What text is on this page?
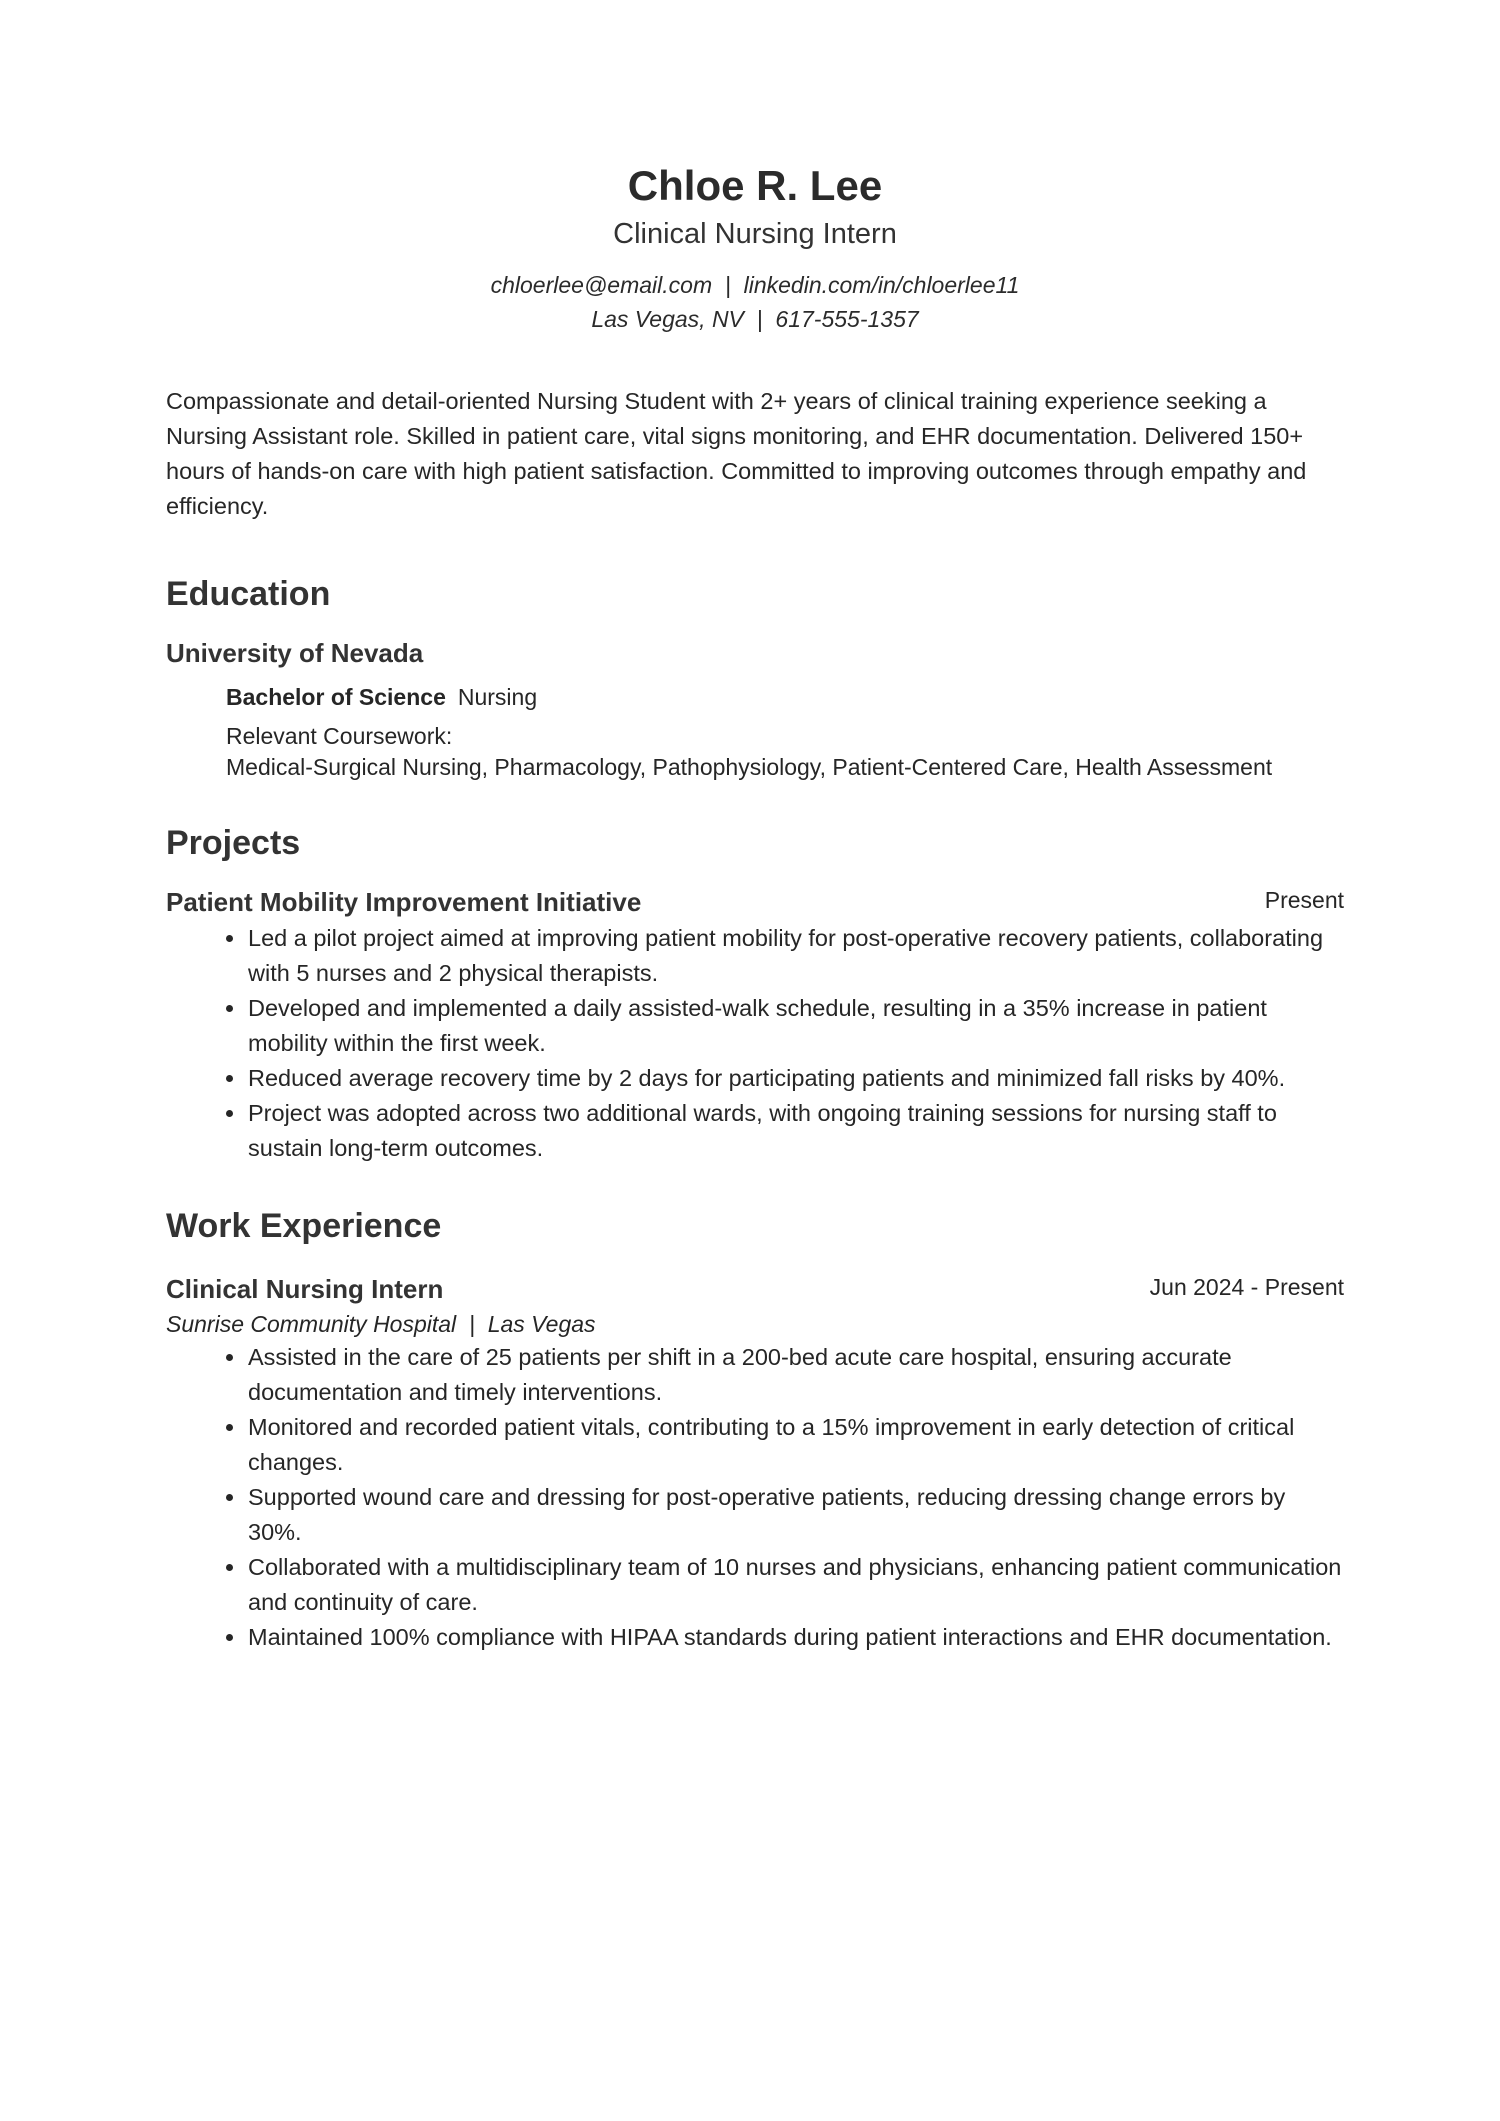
Chloe R. Lee
Clinical Nursing Intern
chloerlee@email.com  |  linkedin.com/in/chloerlee11
Las Vegas, NV  |  617-555-1357
Compassionate and detail-oriented Nursing Student with 2+ years of clinical training experience seeking a Nursing Assistant role. Skilled in patient care, vital signs monitoring, and EHR documentation. Delivered 150+ hours of hands-on care with high patient satisfaction. Committed to improving outcomes through empathy and efficiency.
Education
University of Nevada
Bachelor of Science Nursing
Relevant Coursework:
Medical-Surgical Nursing, Pharmacology, Pathophysiology, Patient-Centered Care, Health Assessment
Projects
Patient Mobility Improvement Initiative	Present
Led a pilot project aimed at improving patient mobility for post-operative recovery patients, collaborating with 5 nurses and 2 physical therapists.
Developed and implemented a daily assisted-walk schedule, resulting in a 35% increase in patient mobility within the first week.
Reduced average recovery time by 2 days for participating patients and minimized fall risks by 40%.
Project was adopted across two additional wards, with ongoing training sessions for nursing staff to sustain long-term outcomes.
Work Experience
Clinical Nursing Intern	Jun 2024 - Present
Sunrise Community Hospital  |  Las Vegas
Assisted in the care of 25 patients per shift in a 200-bed acute care hospital, ensuring accurate documentation and timely interventions.
Monitored and recorded patient vitals, contributing to a 15% improvement in early detection of critical changes.
Supported wound care and dressing for post-operative patients, reducing dressing change errors by 30%.
Collaborated with a multidisciplinary team of 10 nurses and physicians, enhancing patient communication and continuity of care.
Maintained 100% compliance with HIPAA standards during patient interactions and EHR documentation.
